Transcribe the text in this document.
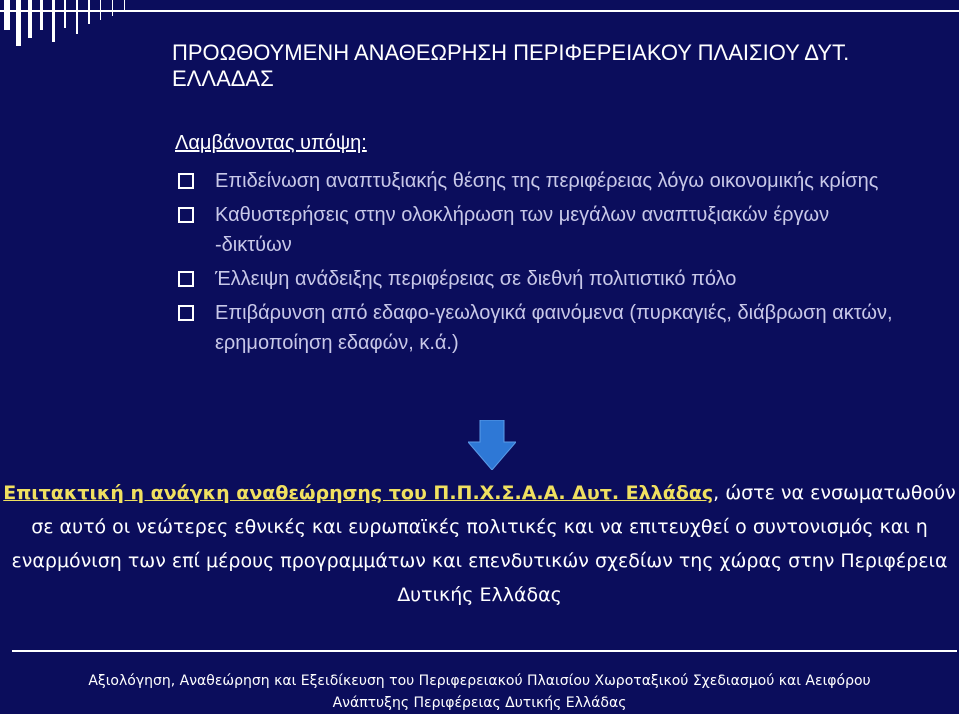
ΠΡΟΩΘΟΥΜΕΝΗ ΑΝΑΘΕΩΡΗΣΗ ΠΕΡΙΦΕΡΕΙΑΚΟΥ ΠΛΑΙΣΙΟΥ ΔΥΤ. ΕΛΛΑΔΑΣ
Λαμβάνοντας υπόψη:
Επιδείνωση αναπτυξιακής θέσης της περιφέρειας λόγω οικονομικής κρίσης
Καθυστερήσεις στην ολοκλήρωση των μεγάλων αναπτυξιακών έργων -δικτύων
Έλλειψη ανάδειξης περιφέρειας σε διεθνή πολιτιστικό πόλο
Επιβάρυνση από εδαφο-γεωλογικά φαινόμενα (πυρκαγιές, διάβρωση ακτών, ερημοποίηση εδαφών, κ.ά.)
Επιτακτική η ανάγκη αναθεώρησης του Π.Π.Χ.Σ.Α.Α. Δυτ. Ελλάδας, ώστε να ενσωματωθούν σε αυτό οι νεώτερες εθνικές και ευρωπαϊκές πολιτικές και να επιτευχθεί ο συντονισμός και η εναρμόνιση των επί μέρους προγραμμάτων και επενδυτικών σχεδίων της χώρας στην Περιφέρεια Δυτικής Ελλάδας
Αξιολόγηση, Αναθεώρηση και Εξειδίκευση του Περιφερειακού Πλαισίου Χωροταξικού Σχεδιασμού και Αειφόρου
Ανάπτυξης Περιφέρειας Δυτικής Ελλάδας
